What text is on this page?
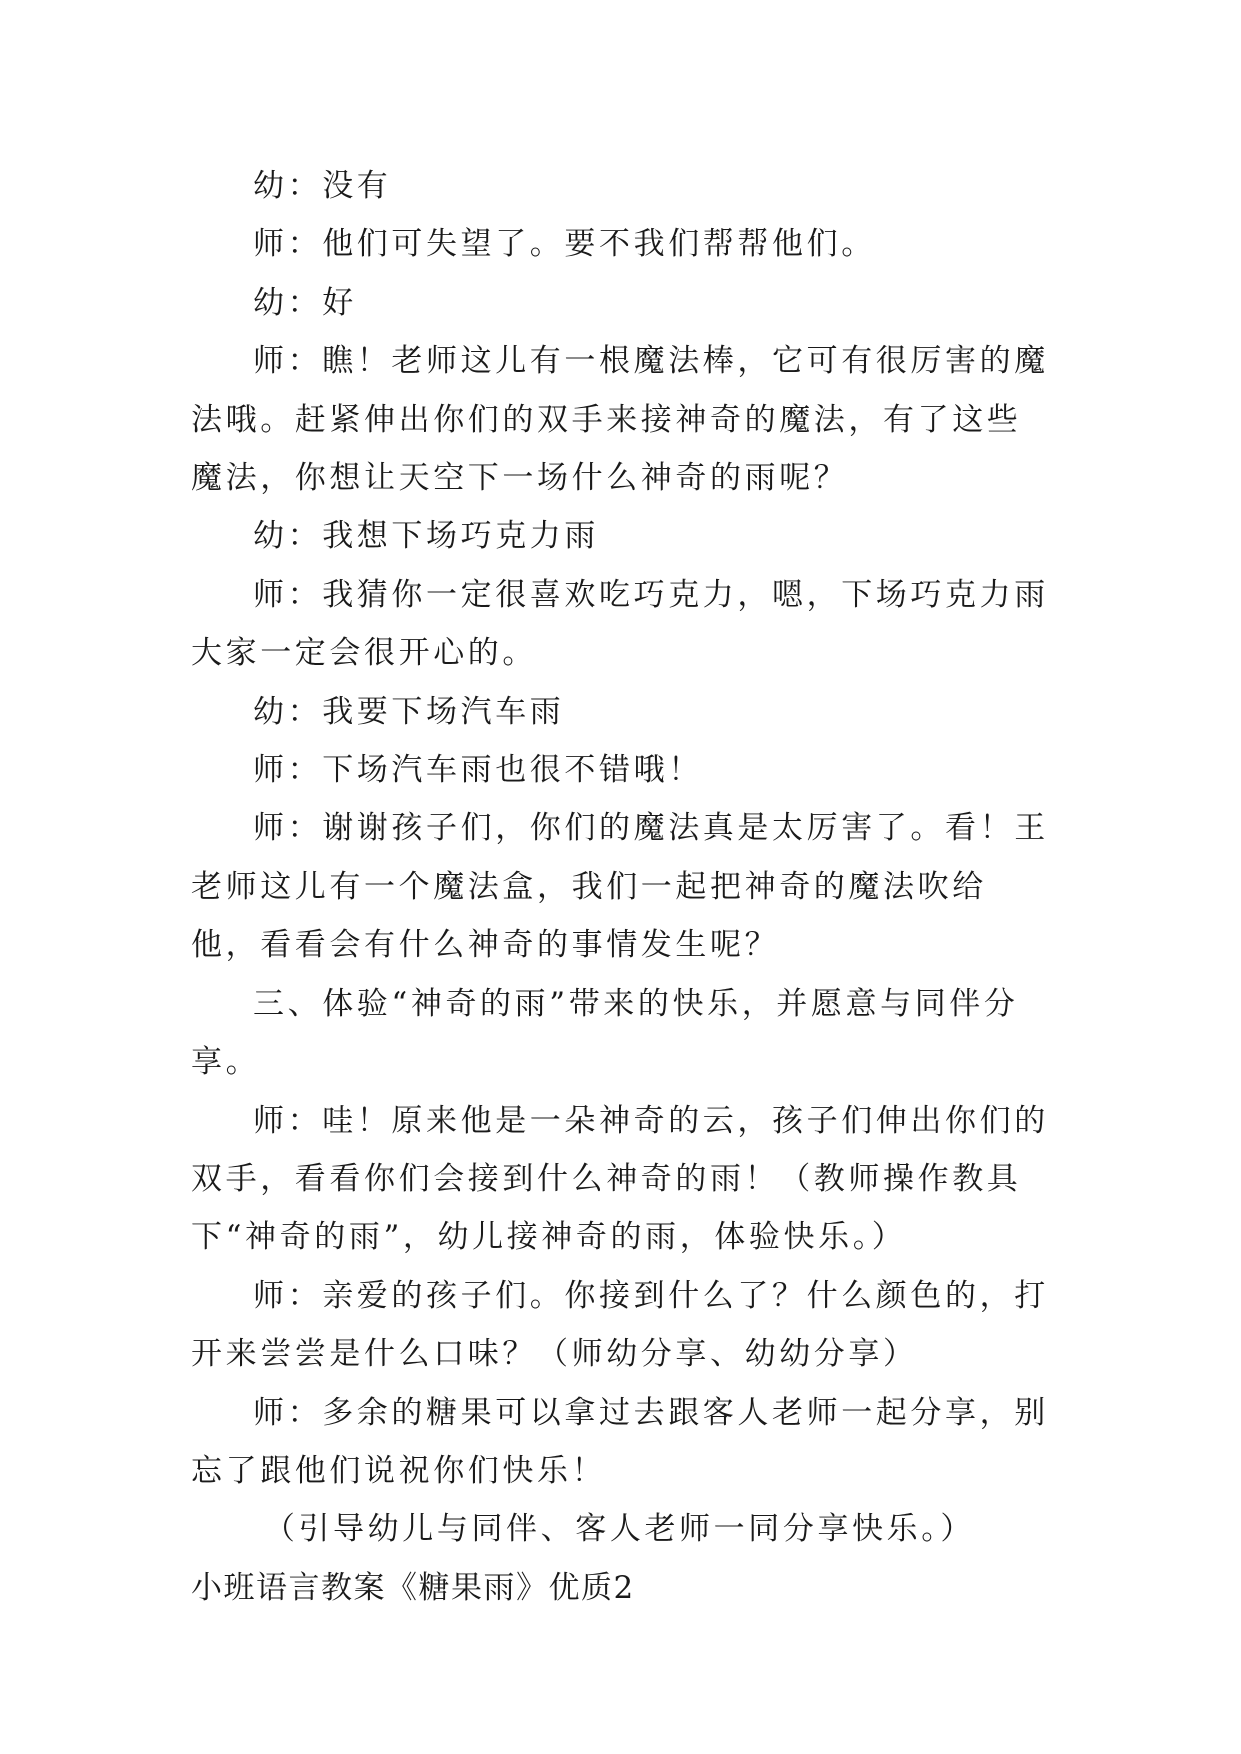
幼：没有

师：他们可失望了。要不我们帮帮他们。

幼：好

师：瞧！老师这儿有一根魔法棒，它可有很厉害的魔法哦。赶紧伸出你们的双手来接神奇的魔法，有了这些魔法，你想让天空下一场什么神奇的雨呢？

幼：我想下场巧克力雨

师：我猜你一定很喜欢吃巧克力，嗯，下场巧克力雨大家一定会很开心的。

幼：我要下场汽车雨

师：下场汽车雨也很不错哦！

师：谢谢孩子们，你们的魔法真是太厉害了。看！王老师这儿有一个魔法盒，我们一起把神奇的魔法吹给他，看看会有什么神奇的事情发生呢？

三、体验“神奇的雨”带来的快乐，并愿意与同伴分享。

师：哇！原来他是一朵神奇的云，孩子们伸出你们的双手，看看你们会接到什么神奇的雨！（教师操作教具下“神奇的雨”，幼儿接神奇的雨，体验快乐。）

师：亲爱的孩子们。你接到什么了？什么颜色的，打开来尝尝是什么口味？（师幼分享、幼幼分享）

师：多余的糖果可以拿过去跟客人老师一起分享，别忘了跟他们说祝你们快乐！

（引导幼儿与同伴、客人老师一同分享快乐。）

小班语言教案《糖果雨》优质2
